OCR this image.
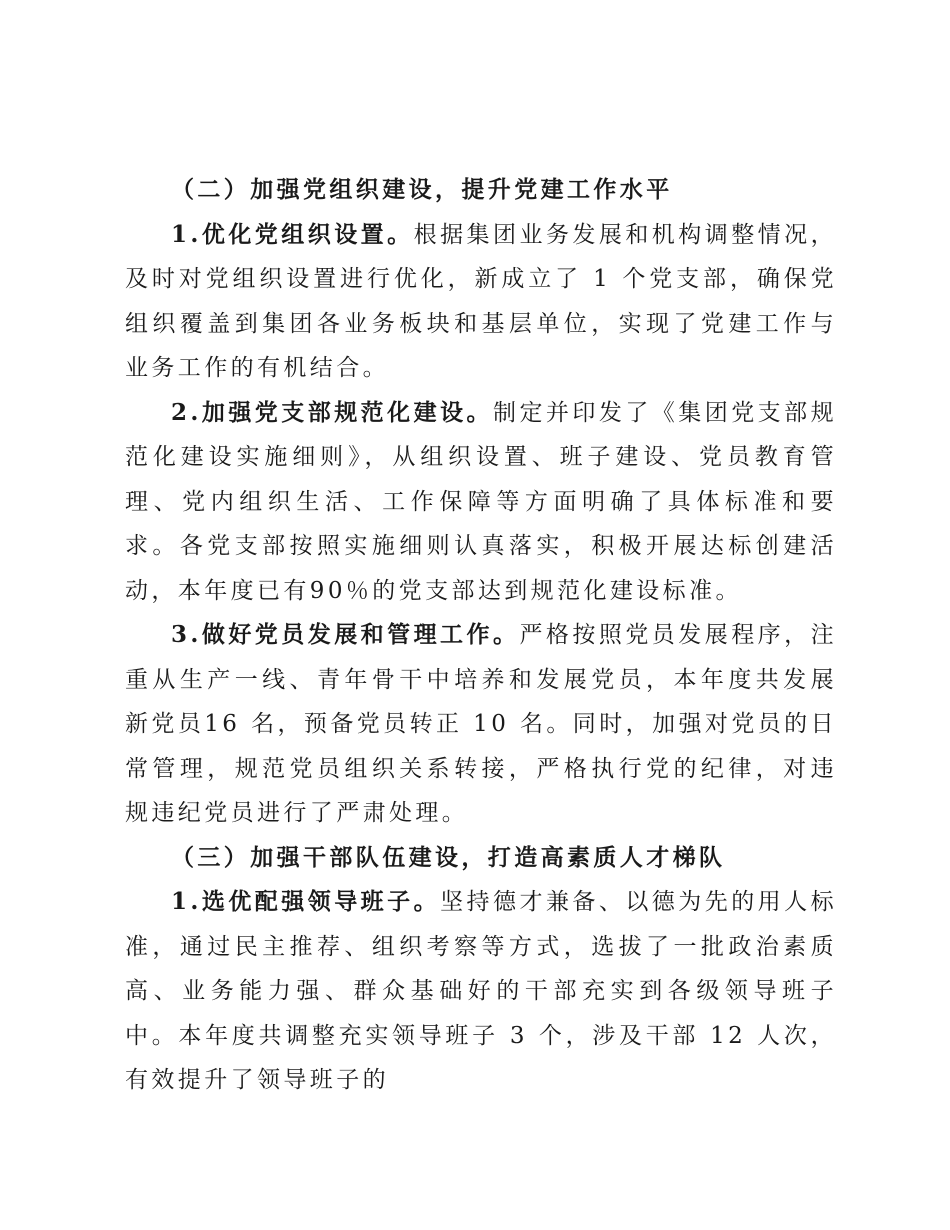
（二）加强党组织建设，提升党建工作水平

1.优化党组织设置。根据集团业务发展和机构调整情况，及时对党组织设置进行优化，新成立了 1 个党支部，确保党组织覆盖到集团各业务板块和基层单位，实现了党建工作与业务工作的有机结合。

2.加强党支部规范化建设。制定并印发了《集团党支部规范化建设实施细则》，从组织设置、班子建设、党员教育管理、党内组织生活、工作保障等方面明确了具体标准和要求。各党支部按照实施细则认真落实，积极开展达标创建活动，本年度已有90％的党支部达到规范化建设标准。

3.做好党员发展和管理工作。严格按照党员发展程序，注重从生产一线、青年骨干中培养和发展党员，本年度共发展新党员16 名，预备党员转正 10 名。同时，加强对党员的日常管理，规范党员组织关系转接，严格执行党的纪律，对违规违纪党员进行了严肃处理。

（三）加强干部队伍建设，打造高素质人才梯队

1.选优配强领导班子。坚持德才兼备、以德为先的用人标准，通过民主推荐、组织考察等方式，选拔了一批政治素质高、业务能力强、群众基础好的干部充实到各级领导班子中。本年度共调整充实领导班子 3 个，涉及干部 12 人次，有效提升了领导班子的
